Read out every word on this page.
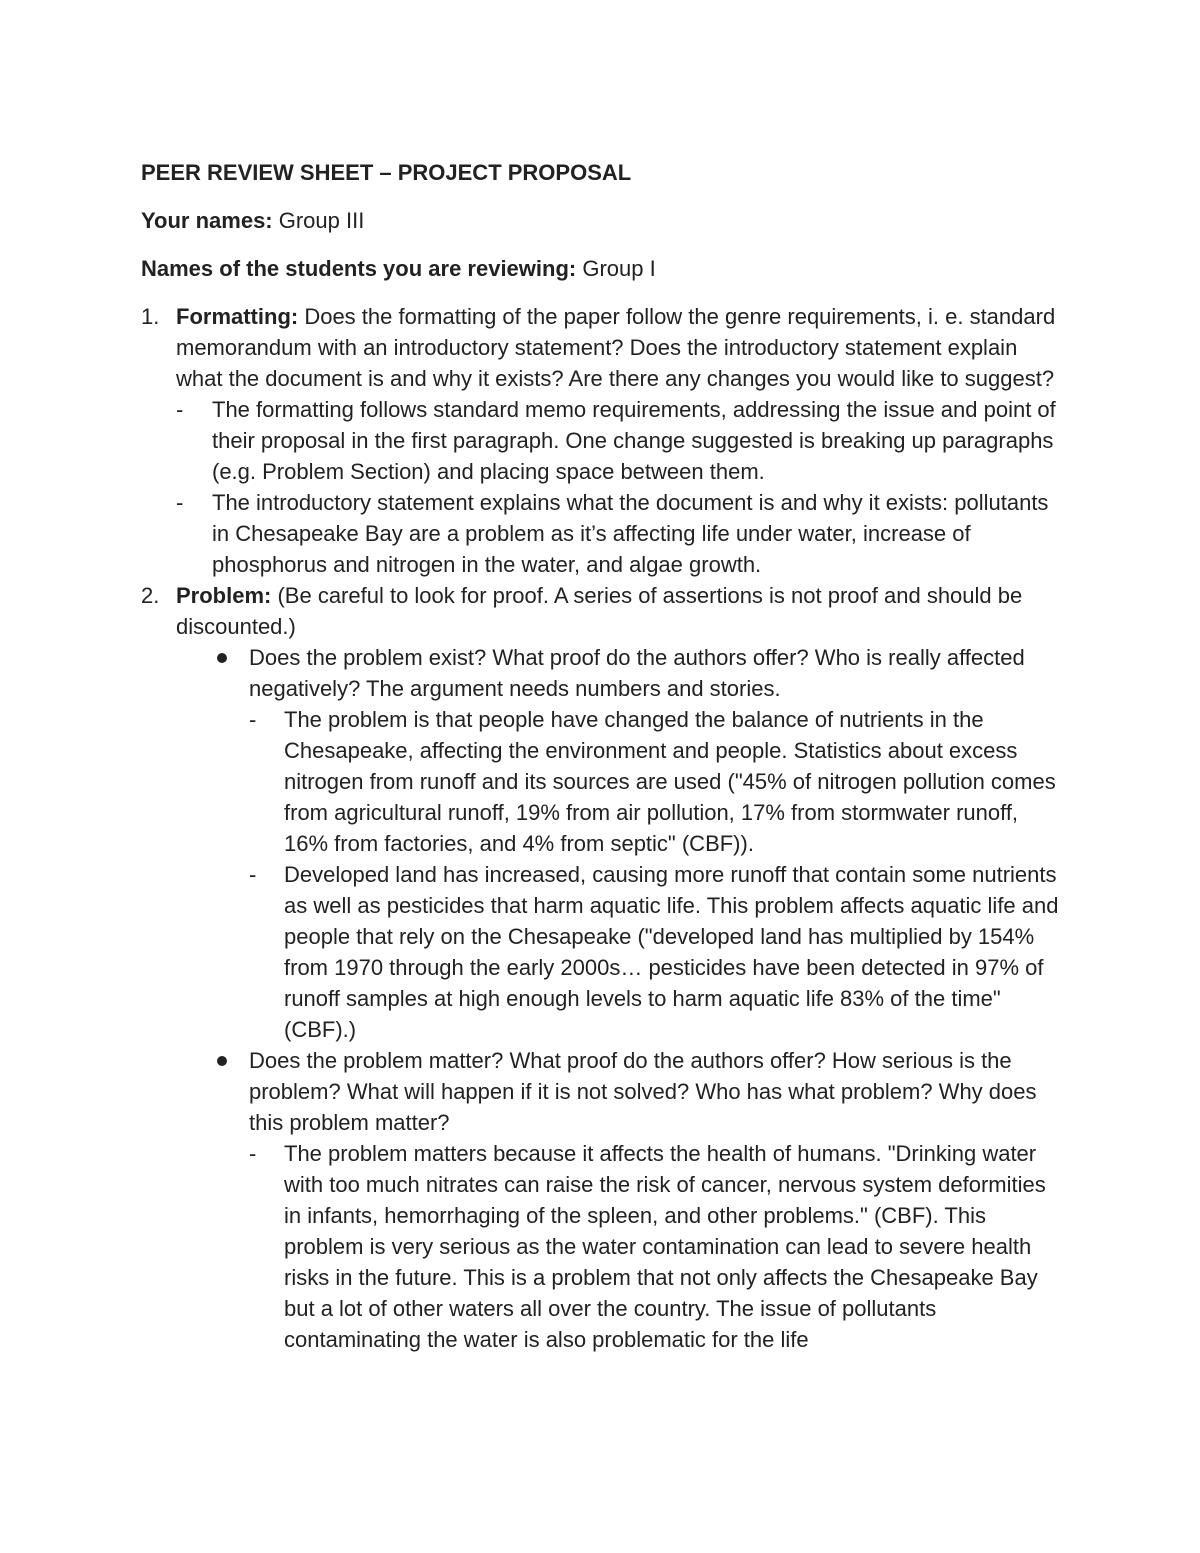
PEER REVIEW SHEET – PROJECT PROPOSAL

Your names: Group III

Names of the students you are reviewing: Group I

1. Formatting: Does the formatting of the paper follow the genre requirements, i. e. standard memorandum with an introductory statement? Does the introductory statement explain what the document is and why it exists? Are there any changes you would like to suggest?
- The formatting follows standard memo requirements, addressing the issue and point of their proposal in the first paragraph. One change suggested is breaking up paragraphs (e.g. Problem Section) and placing space between them.
- The introductory statement explains what the document is and why it exists: pollutants in Chesapeake Bay are a problem as it’s affecting life under water, increase of phosphorus and nitrogen in the water, and algae growth.
2. Problem: (Be careful to look for proof. A series of assertions is not proof and should be discounted.)
Does the problem exist? What proof do the authors offer? Who is really affected negatively? The argument needs numbers and stories.
- The problem is that people have changed the balance of nutrients in the Chesapeake, affecting the environment and people. Statistics about excess nitrogen from runoff and its sources are used ("45% of nitrogen pollution comes from agricultural runoff, 19% from air pollution, 17% from stormwater runoff, 16% from factories, and 4% from septic" (CBF)).
- Developed land has increased, causing more runoff that contain some nutrients as well as pesticides that harm aquatic life. This problem affects aquatic life and people that rely on the Chesapeake ("developed land has multiplied by 154% from 1970 through the early 2000s… pesticides have been detected in 97% of runoff samples at high enough levels to harm aquatic life 83% of the time" (CBF).)
Does the problem matter? What proof do the authors offer? How serious is the problem? What will happen if it is not solved? Who has what problem? Why does this problem matter?
- The problem matters because it affects the health of humans. "Drinking water with too much nitrates can raise the risk of cancer, nervous system deformities in infants, hemorrhaging of the spleen, and other problems." (CBF). This problem is very serious as the water contamination can lead to severe health risks in the future. This is a problem that not only affects the Chesapeake Bay but a lot of other waters all over the country. The issue of pollutants contaminating the water is also problematic for the life
